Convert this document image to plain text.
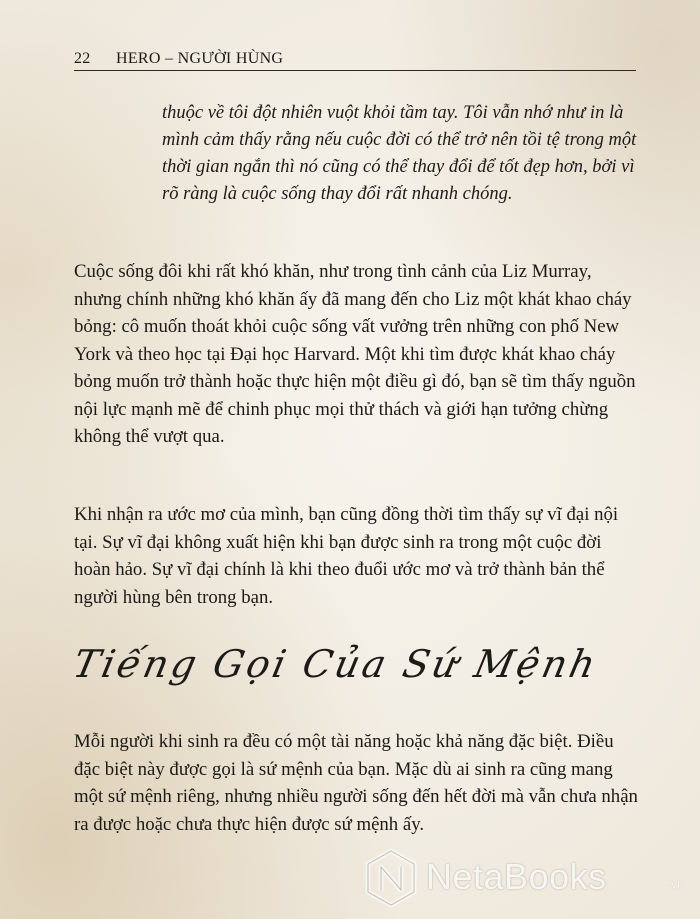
22 HERO – NGƯỜI HÙNG

thuộc về tôi đột nhiên vuột khỏi tầm tay. Tôi vẫn nhớ như in là mình cảm thấy rằng nếu cuộc đời có thể trở nên tồi tệ trong một thời gian ngắn thì nó cũng có thể thay đổi để tốt đẹp hơn, bởi vì rõ ràng là cuộc sống thay đổi rất nhanh chóng.

Cuộc sống đôi khi rất khó khăn, như trong tình cảnh của Liz Murray, nhưng chính những khó khăn ấy đã mang đến cho Liz một khát khao cháy bỏng: cô muốn thoát khỏi cuộc sống vất vưởng trên những con phố New York và theo học tại Đại học Harvard. Một khi tìm được khát khao cháy bỏng muốn trở thành hoặc thực hiện một điều gì đó, bạn sẽ tìm thấy nguồn nội lực mạnh mẽ để chinh phục mọi thử thách và giới hạn tưởng chừng không thể vượt qua.

Khi nhận ra ước mơ của mình, bạn cũng đồng thời tìm thấy sự vĩ đại nội tại. Sự vĩ đại không xuất hiện khi bạn được sinh ra trong một cuộc đời hoàn hảo. Sự vĩ đại chính là khi theo đuổi ước mơ và trở thành bản thể người hùng bên trong bạn.

Tiếng Gọi Của Sứ Mệnh

Mỗi người khi sinh ra đều có một tài năng hoặc khả năng đặc biệt. Điều đặc biệt này được gọi là sứ mệnh của bạn. Mặc dù ai sinh ra cũng mang một sứ mệnh riêng, nhưng nhiều người sống đến hết đời mà vẫn chưa nhận ra được hoặc chưa thực hiện được sứ mệnh ấy.

NetaBooks	.vn
